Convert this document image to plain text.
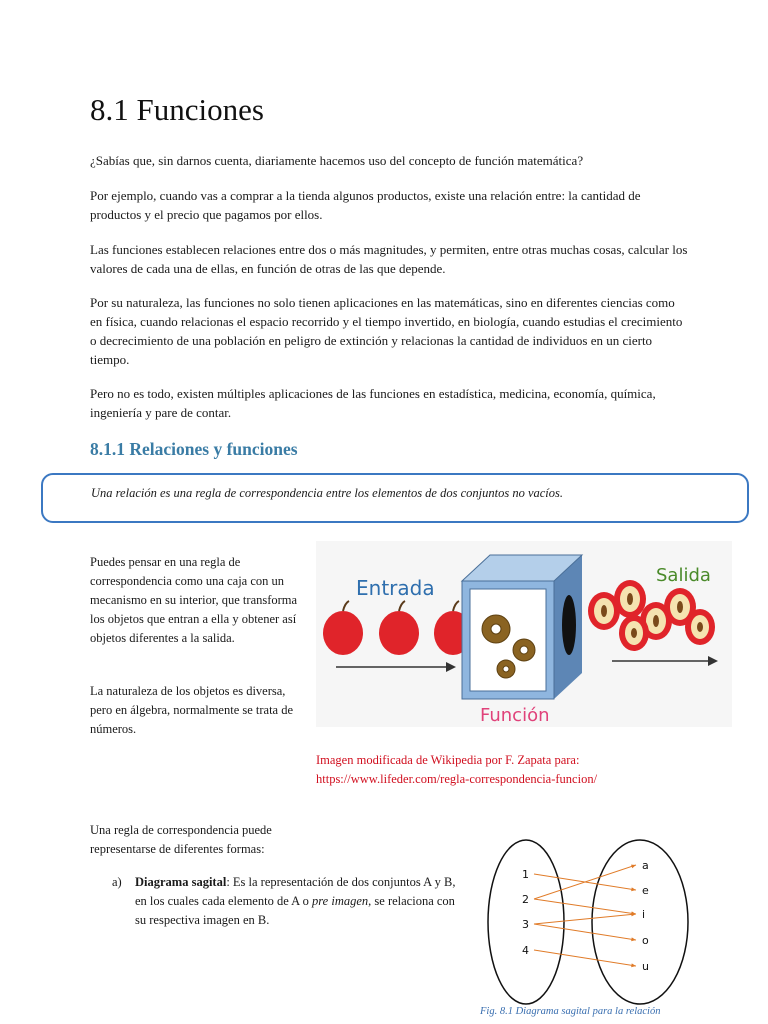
8.1 Funciones

¿Sabías que, sin darnos cuenta, diariamente hacemos uso del concepto de función matemática?

Por ejemplo, cuando vas a comprar a la tienda algunos productos, existe una relación entre: la cantidad de productos y el precio que pagamos por ellos.

Las funciones establecen relaciones entre dos o más magnitudes, y permiten, entre otras muchas cosas, calcular los valores de cada una de ellas, en función de otras de las que depende.

Por su naturaleza, las funciones no solo tienen aplicaciones en las matemáticas, sino en diferentes ciencias como en física, cuando relacionas el espacio recorrido y el tiempo invertido, en biología, cuando estudias el crecimiento o decrecimiento de una población en peligro de extinción y relacionas la cantidad de individuos en un cierto tiempo.

Pero no es todo, existen múltiples aplicaciones de las funciones en estadística, medicina, economía, química, ingeniería y pare de contar.

8.1.1 Relaciones y funciones

Una relación es una regla de correspondencia entre los elementos de dos conjuntos no vacíos.

Puedes pensar en una regla de correspondencia como una caja con un mecanismo en su interior, que transforma los objetos que entran a ella y obtener así objetos diferentes a la salida.

La naturaleza de los objetos es diversa, pero en álgebra, normalmente se trata de números.

Entrada
Salida
Función

Imagen modificada de Wikipedia por F. Zapata para:
https://www.lifeder.com/regla-correspondencia-funcion/

Una regla de correspondencia puede representarse de diferentes formas:

a) Diagrama sagital: Es la representación de dos conjuntos A y B, en los cuales cada elemento de A o pre imagen, se relaciona con su respectiva imagen en B.
1
2
3
4
a
e
i
o
u

Fig. 8.1 Diagrama sagital para la relación
